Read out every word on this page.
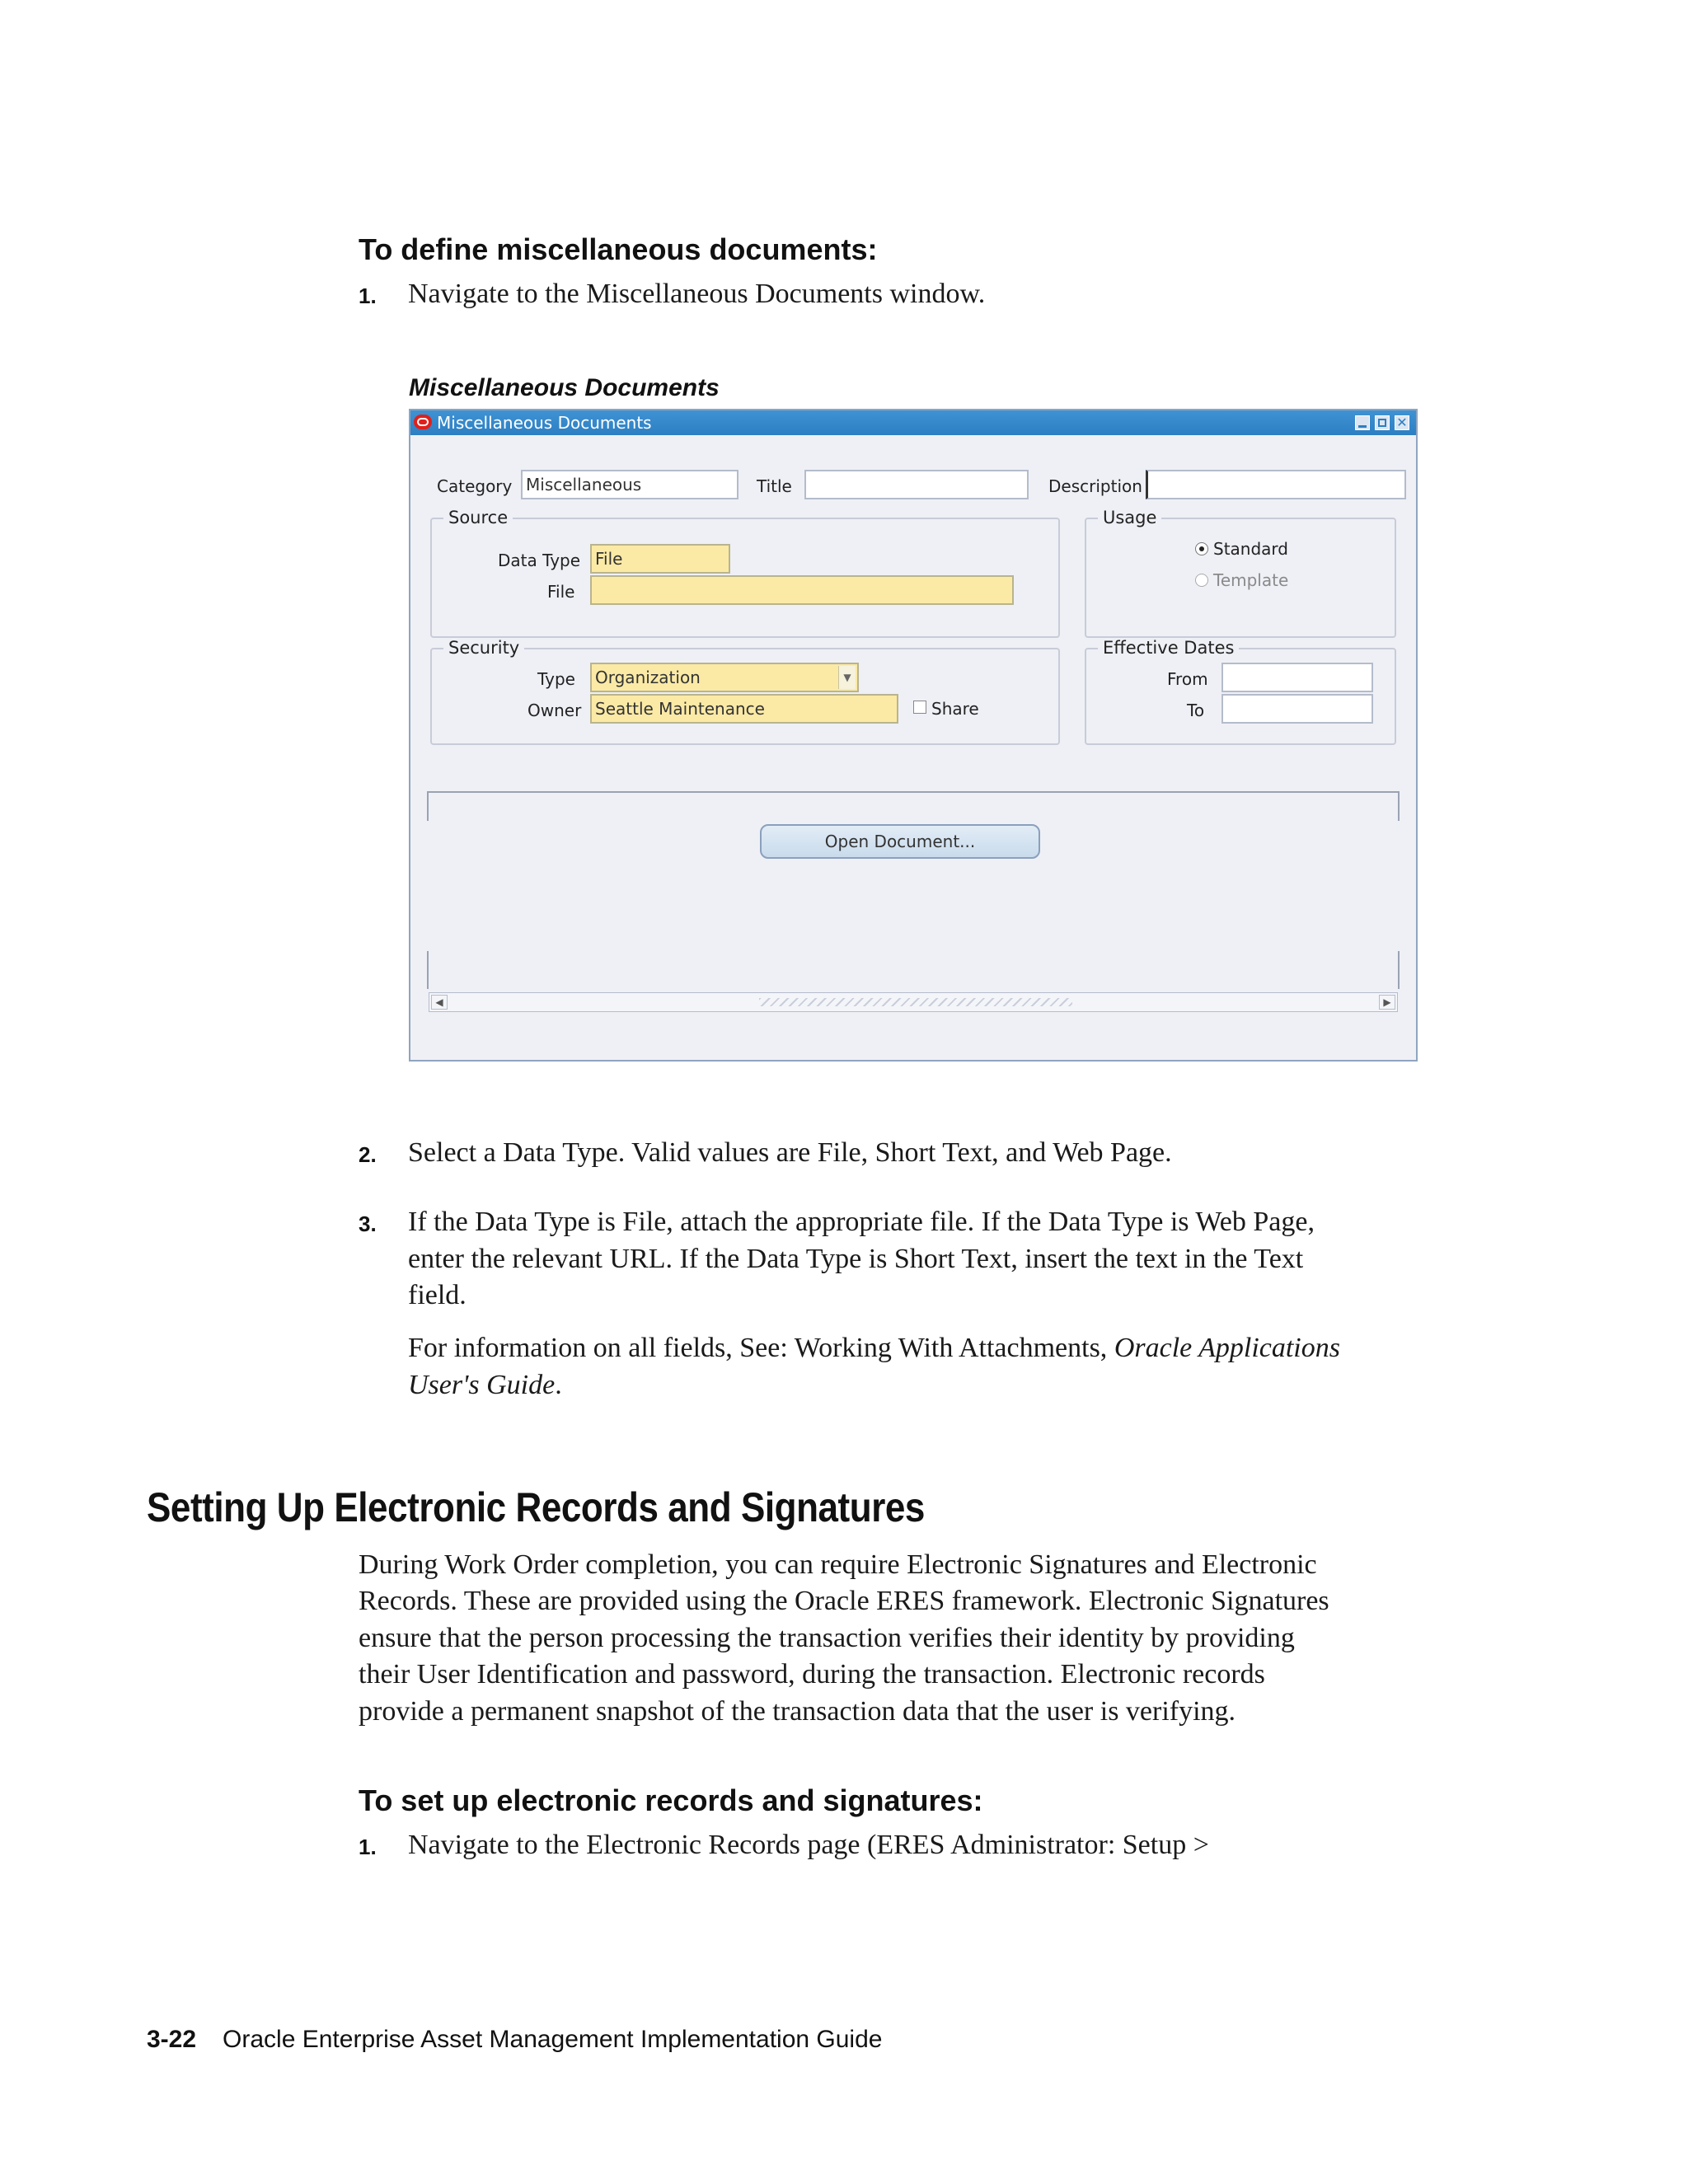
To define miscellaneous documents:
1. Navigate to the Miscellaneous Documents window.
Miscellaneous Documents
Miscellaneous Documents	✕
Category Miscellaneous	Title	Description
Source
Data Type File
File
Usage
Standard
Template
Security
Type	Organization	▼
Owner Seattle Maintenance	Share
Effective Dates
From
To
Open Document...
◀	▶
2. Select a Data Type. Valid values are File, Short Text, and Web Page.
3. If the Data Type is File, attach the appropriate file. If the Data Type is Web Page,
enter the relevant URL. If the Data Type is Short Text, insert the text in the Text
field.
For information on all fields, See: Working With Attachments, Oracle Applications
User's Guide.
Setting Up Electronic Records and Signatures
During Work Order completion, you can require Electronic Signatures and Electronic
Records. These are provided using the Oracle ERES framework. Electronic Signatures
ensure that the person processing the transaction verifies their identity by providing
their User Identification and password, during the transaction. Electronic records
provide a permanent snapshot of the transaction data that the user is verifying.
To set up electronic records and signatures:
1. Navigate to the Electronic Records page (ERES Administrator: Setup >
3-22 Oracle Enterprise Asset Management Implementation Guide
